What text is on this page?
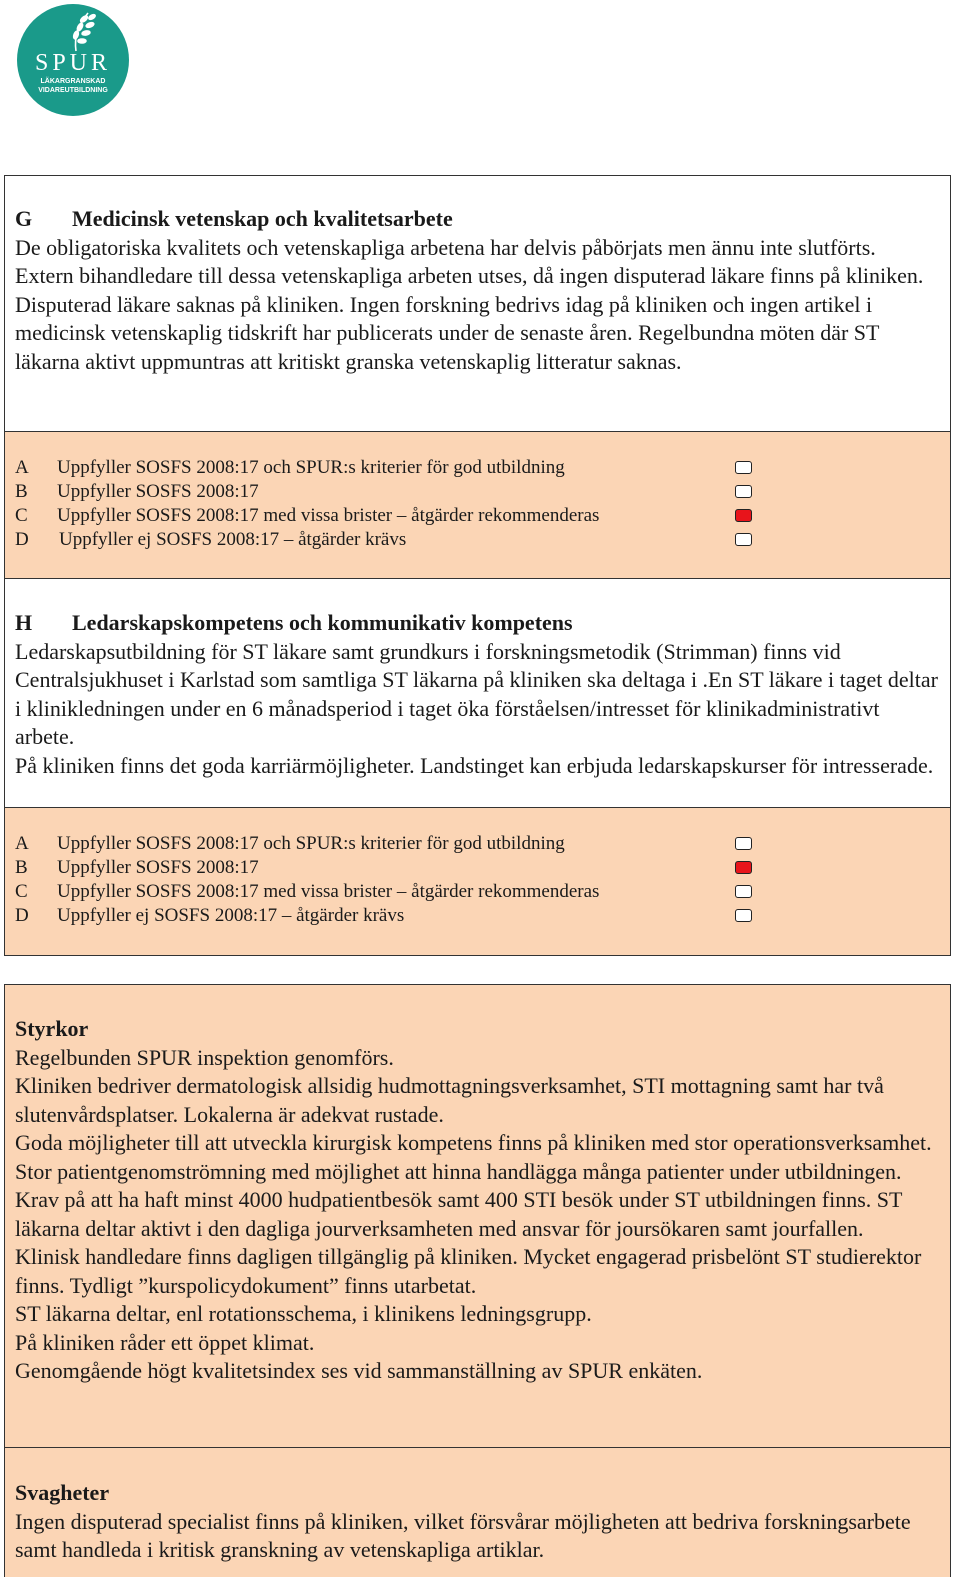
SPUR
LÄKARGRANSKAD
VIDAREUTBILDNING
G Medicinsk vetenskap och kvalitetsarbete
De obligatoriska kvalitets och vetenskapliga arbetena har delvis påbörjats men ännu inte slutförts.
Extern bihandledare till dessa vetenskapliga arbeten utses, då ingen disputerad läkare finns på kliniken.
Disputerad läkare saknas på kliniken. Ingen forskning bedrivs idag på kliniken och ingen artikel i medicinsk vetenskaplig tidskrift har publicerats under de senaste åren. Regelbundna möten där ST läkarna aktivt uppmuntras att kritiskt granska vetenskaplig litteratur saknas.
A Uppfyller SOSFS 2008:17 och SPUR:s kriterier för god utbildning
B Uppfyller SOSFS 2008:17
C Uppfyller SOSFS 2008:17 med vissa brister – åtgärder rekommenderas
D Uppfyller ej SOSFS 2008:17 – åtgärder krävs
H Ledarskapskompetens och kommunikativ kompetens
Ledarskapsutbildning för ST läkare samt grundkurs i forskningsmetodik (Strimman) finns vid Centralsjukhuset i Karlstad som samtliga ST läkarna på kliniken ska deltaga i .En ST läkare i taget deltar i klinikledningen under en 6 månadsperiod i taget öka förståelsen/intresset för klinikadministrativt arbete.
På kliniken finns det goda karriärmöjligheter. Landstinget kan erbjuda ledarskapskurser för intresserade.
A Uppfyller SOSFS 2008:17 och SPUR:s kriterier för god utbildning
B Uppfyller SOSFS 2008:17
C Uppfyller SOSFS 2008:17 med vissa brister – åtgärder rekommenderas
D Uppfyller ej SOSFS 2008:17 – åtgärder krävs
Styrkor
Regelbunden SPUR inspektion genomförs.
Kliniken bedriver dermatologisk allsidig hudmottagningsverksamhet, STI mottagning samt har två slutenvårdsplatser. Lokalerna är adekvat rustade.
Goda möjligheter till att utveckla kirurgisk kompetens finns på kliniken med stor operationsverksamhet. Stor patientgenomströmning med möjlighet att hinna handlägga många patienter under utbildningen. Krav på att ha haft minst 4000 hudpatientbesök samt 400 STI besök under ST utbildningen finns. ST läkarna deltar aktivt i den dagliga jourverksamheten med ansvar för joursökaren samt jourfallen.
Klinisk handledare finns dagligen tillgänglig på kliniken. Mycket engagerad prisbelönt ST studierektor finns. Tydligt ”kurspolicydokument” finns utarbetat.
ST läkarna deltar, enl rotationsschema, i klinikens ledningsgrupp.
På kliniken råder ett öppet klimat.
Genomgående högt kvalitetsindex ses vid sammanställning av SPUR enkäten.
Svagheter
Ingen disputerad specialist finns på kliniken, vilket försvårar möjligheten att bedriva forskningsarbete samt handleda i kritisk granskning av vetenskapliga artiklar.
